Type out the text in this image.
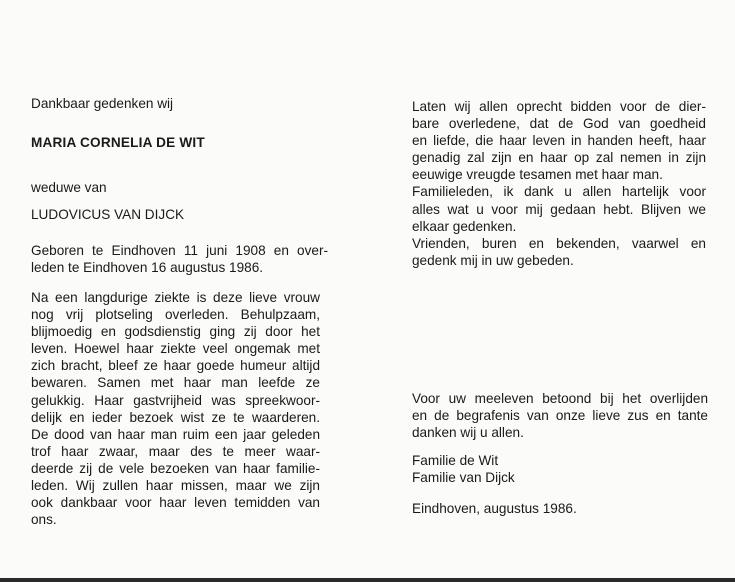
Dankbaar gedenken wij
MARIA CORNELIA DE WIT
weduwe van
LUDOVICUS VAN DIJCK
Geboren te Eindhoven 11 juni 1908 en over-
leden te Eindhoven 16 augustus 1986.
Na een langdurige ziekte is deze lieve vrouw
nog vrij plotseling overleden. Behulpzaam,
blijmoedig en godsdienstig ging zij door het
leven. Hoewel haar ziekte veel ongemak met
zich bracht, bleef ze haar goede humeur altijd
bewaren. Samen met haar man leefde ze
gelukkig. Haar gastvrijheid was spreekwoor-
delijk en ieder bezoek wist ze te waarderen.
De dood van haar man ruim een jaar geleden
trof haar zwaar, maar des te meer waar-
deerde zij de vele bezoeken van haar familie-
leden. Wij zullen haar missen, maar we zijn
ook dankbaar voor haar leven temidden van
ons.
Laten wij allen oprecht bidden voor de dier-
bare overledene, dat de God van goedheid
en liefde, die haar leven in handen heeft, haar
genadig zal zijn en haar op zal nemen in zijn
eeuwige vreugde tesamen met haar man.
Familieleden, ik dank u allen hartelijk voor
alles wat u voor mij gedaan hebt. Blijven we
elkaar gedenken.
Vrienden, buren en bekenden, vaarwel en
gedenk mij in uw gebeden.
Voor uw meeleven betoond bij het overlijden
en de begrafenis van onze lieve zus en tante
danken wij u allen.
Familie de Wit
Familie van Dijck
Eindhoven, augustus 1986.
